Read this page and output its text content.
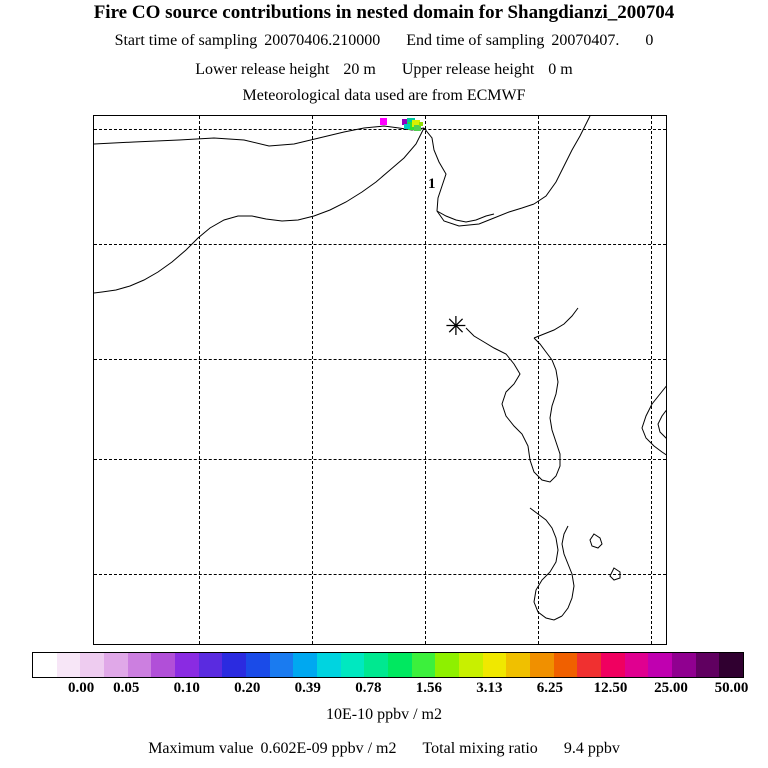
Fire CO source contributions in nested domain for Shangdianzi_200704
Start time of sampling 20070406.210000 End time of sampling 20070407. 0
Lower release height 20 m Upper release height 0 m
Meteorological data used are from ECMWF
✳
1
0.00 0.05 0.10 0.20 0.39 0.78 1.56 3.13 6.25 12.50 25.00 50.00
10E-10 ppbv / m2
Maximum value 0.602E-09 ppbv / m2 Total mixing ratio 9.4 ppbv
